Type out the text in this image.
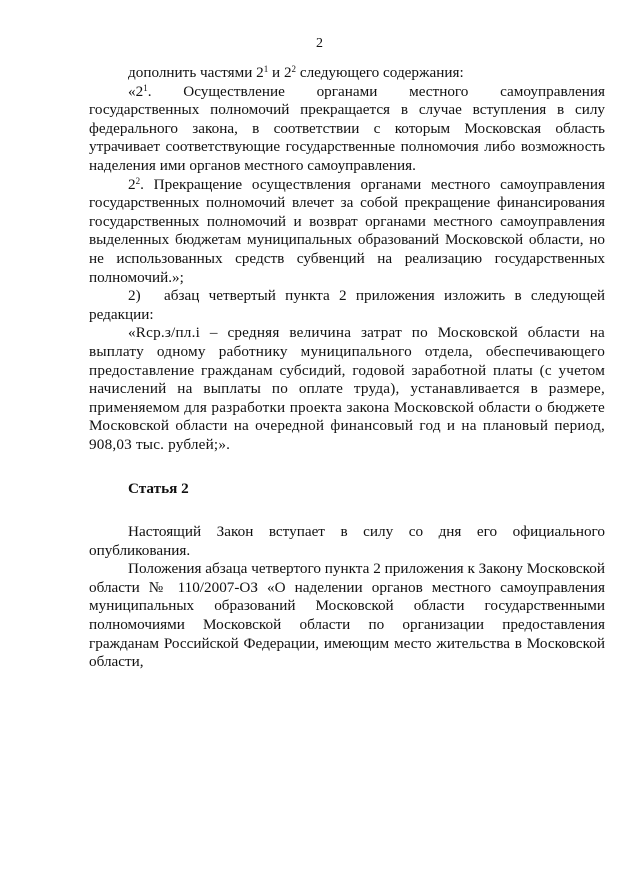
2

дополнить частями $2^1$ и $2^2$ следующего содержания:

«$2^1$. Осуществление органами местного самоуправления государственных полномочий прекращается в случае вступления в силу федерального закона, в соответствии с которым Московская область утрачивает соответствующие государственные полномочия либо возможность наделения ими органов местного самоуправления.

$2^2$. Прекращение осуществления органами местного самоуправления государственных полномочий влечет за собой прекращение финансирования государственных полномочий и возврат органами местного самоуправления выделенных бюджетам муниципальных образований Московской области, но не использованных средств субвенций на реализацию государственных полномочий.»;

2) абзац четвертый пункта 2 приложения изложить в следующей редакции:

«Rср.з/пл.i – средняя величина затрат по Московской области на выплату одному работнику муниципального отдела, обеспечивающего предоставление гражданам субсидий, годовой заработной платы (с учетом начислений на выплаты по оплате труда), устанавливается в размере, применяемом для разработки проекта закона Московской области о бюджете Московской области на очередной финансовый год и на плановый период, 908,03 тыс. рублей;».

Статья 2

Настоящий Закон вступает в силу со дня его официального опубликования.

Положения абзаца четвертого пункта 2 приложения к Закону Московской области № 110/2007-ОЗ «О наделении органов местного самоуправления муниципальных образований Московской области государственными полномочиями Московской области по организации предоставления гражданам Российской Федерации, имеющим место жительства в Московской области,
